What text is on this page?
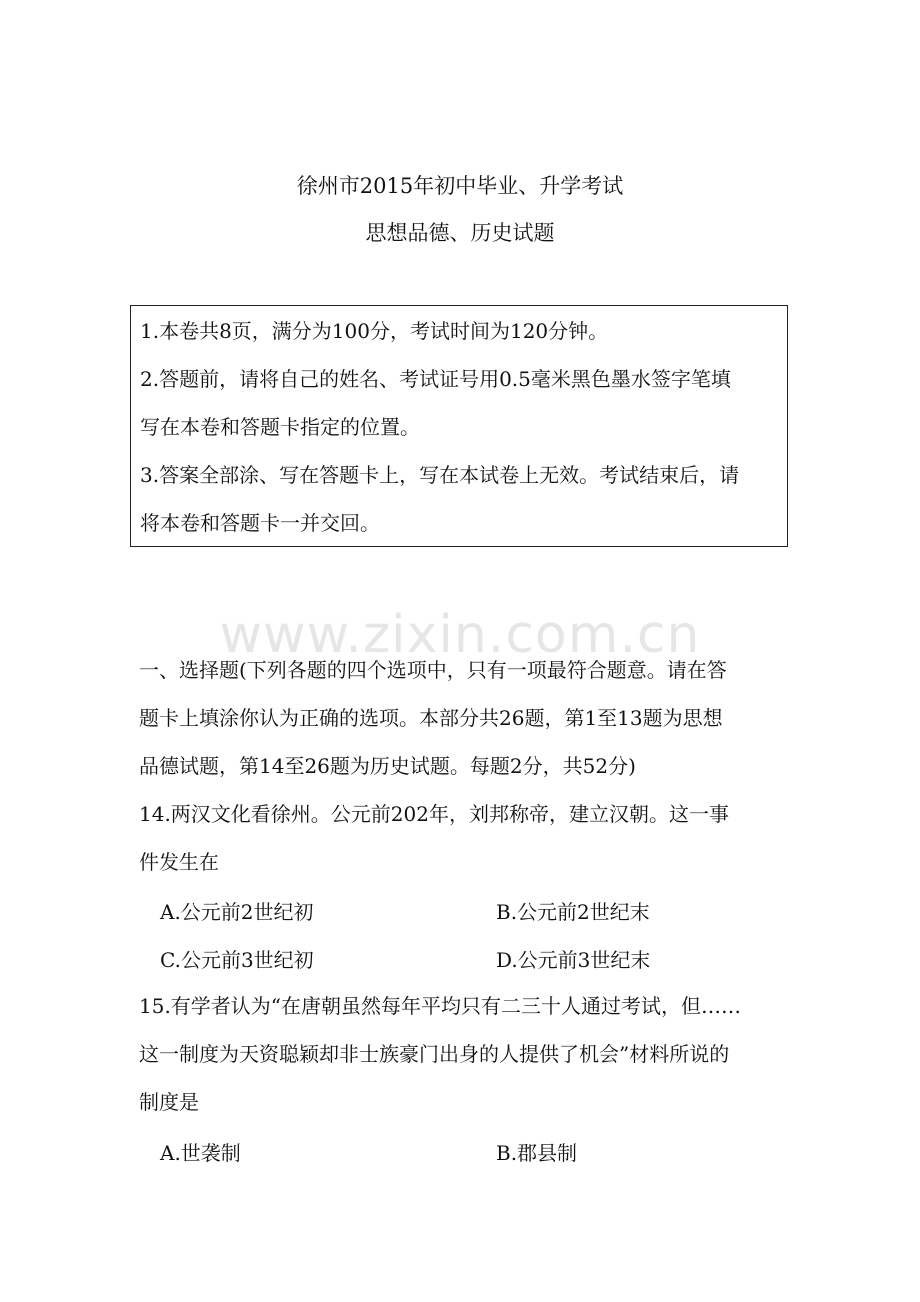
徐州市2015年初中毕业、升学考试
思想品德、历史试题
1.本卷共8页，满分为100分，考试时间为120分钟。
2.答题前，请将自己的姓名、考试证号用0.5毫米黑色墨水签字笔填
写在本卷和答题卡指定的位置。
3.答案全部涂、写在答题卡上，写在本试卷上无效。考试结束后，请
将本卷和答题卡一并交回。
www.zixin.com.cn
一、选择题(下列各题的四个选项中，只有一项最符合题意。请在答
题卡上填涂你认为正确的选项。本部分共26题，第1至13题为思想
品德试题，第14至26题为历史试题。每题2分，共52分)
14.两汉文化看徐州。公元前202年，刘邦称帝，建立汉朝。这一事
件发生在
A.公元前2世纪初	B.公元前2世纪末
C.公元前3世纪初	D.公元前3世纪末
15.有学者认为“在唐朝虽然每年平均只有二三十人通过考试，但……
这一制度为天资聪颖却非士族豪门出身的人提供了机会”材料所说的
制度是
A.世袭制	B.郡县制
